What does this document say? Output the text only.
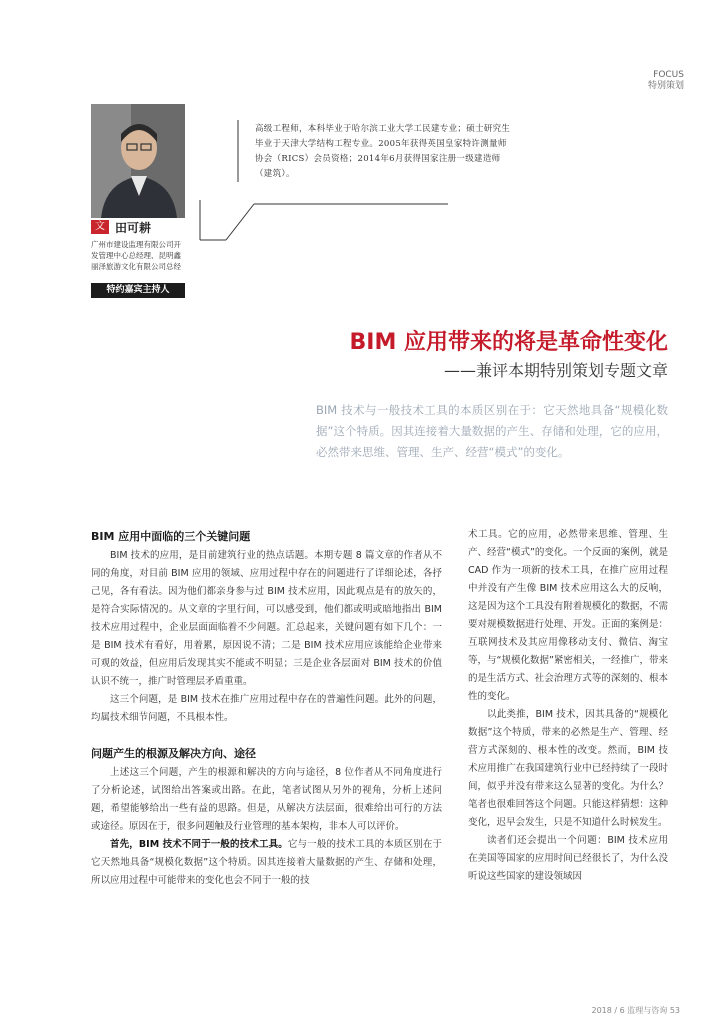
FOCUS
特别策划
文 田可耕
广州市建设监理有限公司开发管理中心总经理、昆明鑫丽泽旅游文化有限公司总经
特约嘉宾主持人
高级工程师，本科毕业于哈尔滨工业大学工民建专业；硕士研究生毕业于天津大学结构工程专业。2005年获得英国皇家特许测量师协会（RICS）会员资格；2014年6月获得国家注册一级建造师（建筑）。
BIM 应用带来的将是革命性变化
——兼评本期特别策划专题文章
BIM 技术与一般技术工具的本质区别在于：它天然地具备“规模化数据”这个特质。因其连接着大量数据的产生、存储和处理，它的应用，必然带来思维、管理、生产、经营“模式”的变化。
BIM 应用中面临的三个关键问题

BIM 技术的应用，是目前建筑行业的热点话题。本期专题 8 篇文章的作者从不同的角度，对目前 BIM 应用的领域、应用过程中存在的问题进行了详细论述，各抒己见，各有看法。因为他们都亲身参与过 BIM 技术应用，因此观点是有的放矢的，是符合实际情况的。从文章的字里行间，可以感受到，他们都或明或暗地指出 BIM 技术应用过程中，企业层面面临着不少问题。汇总起来，关键问题有如下几个：一是 BIM 技术有看好，用着累，原因说不清；二是 BIM 技术应用应该能给企业带来可观的效益，但应用后发现其实不能或不明显；三是企业各层面对 BIM 技术的价值认识不统一，推广时管理层矛盾重重。

这三个问题，是 BIM 技术在推广应用过程中存在的普遍性问题。此外的问题，均属技术细节问题，不具根本性。

问题产生的根源及解决方向、途径

上述这三个问题，产生的根源和解决的方向与途径，8 位作者从不同角度进行了分析论述，试图给出答案或出路。在此，笔者试图从另外的视角，分析上述问题，希望能够给出一些有益的思路。但是，从解决方法层面，很难给出可行的方法或途径。原因在于，很多问题触及行业管理的基本架构，非本人可以评价。

首先，BIM 技术不同于一般的技术工具。它与一般的技术工具的本质区别在于它天然地具备“规模化数据”这个特质。因其连接着大量数据的产生、存储和处理，所以应用过程中可能带来的变化也会不同于一般的技

术工具。它的应用，必然带来思维、管理、生产、经营“模式”的变化。一个反面的案例，就是 CAD 作为一项新的技术工具，在推广应用过程中并没有产生像 BIM 技术应用这么大的反响，这是因为这个工具没有附着规模化的数据，不需要对规模数据进行处理、开发。正面的案例是：互联网技术及其应用像移动支付、微信、淘宝等，与“规模化数据”紧密相关，一经推广，带来的是生活方式、社会治理方式等的深刻的、根本性的变化。

以此类推，BIM 技术，因其具备的“规模化数据”这个特质，带来的必然是生产、管理、经营方式深刻的、根本性的改变。然而，BIM 技术应用推广在我国建筑行业中已经持续了一段时间，似乎并没有带来这么显著的变化。为什么？笔者也很难回答这个问题。只能这样猜想：这种变化，迟早会发生，只是不知道什么时候发生。

读者们还会提出一个问题：BIM 技术应用在美国等国家的应用时间已经很长了，为什么没听说这些国家的建设领域因

2018 / 6 监理与咨询 53
